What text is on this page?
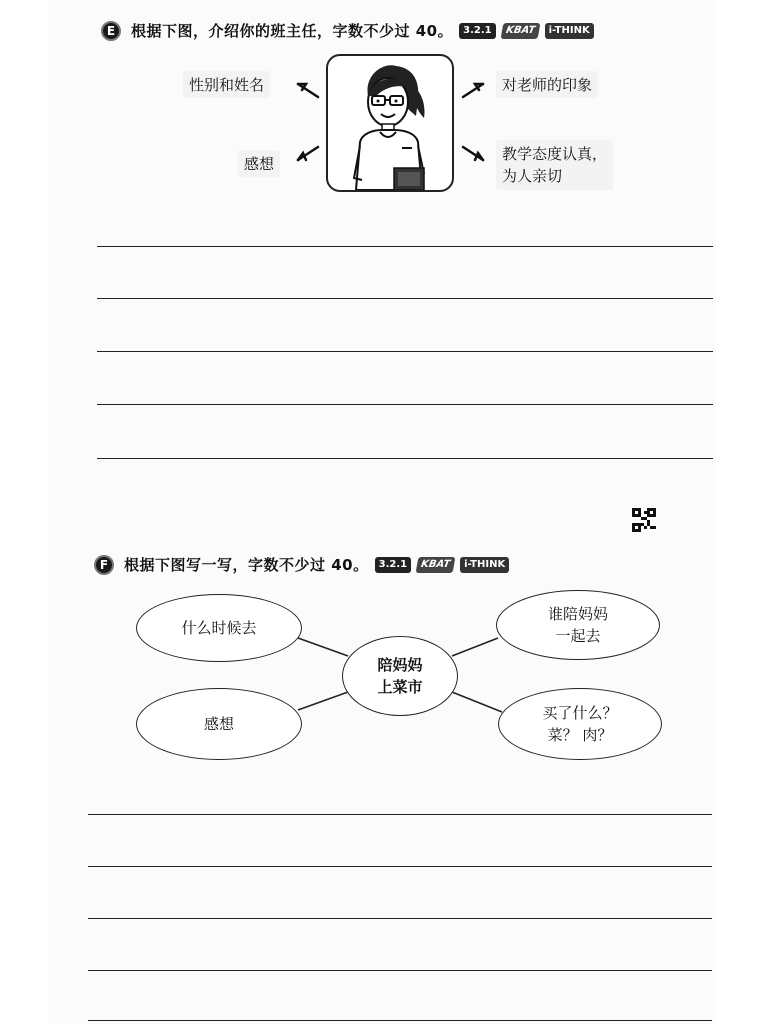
E	根据下图，介绍你的班主任，字数不少过 40。	3.2.1	KBAT	i-THINK
性别和姓名
感想
对老师的印象
教学态度认真，
为人亲切
F	根据下图写一写，字数不少过 40。	3.2.1	KBAT	i-THINK
什么时候去
感想
谁陪妈妈
一起去
买了什么？
菜？ 肉？
陪妈妈
上菜市
